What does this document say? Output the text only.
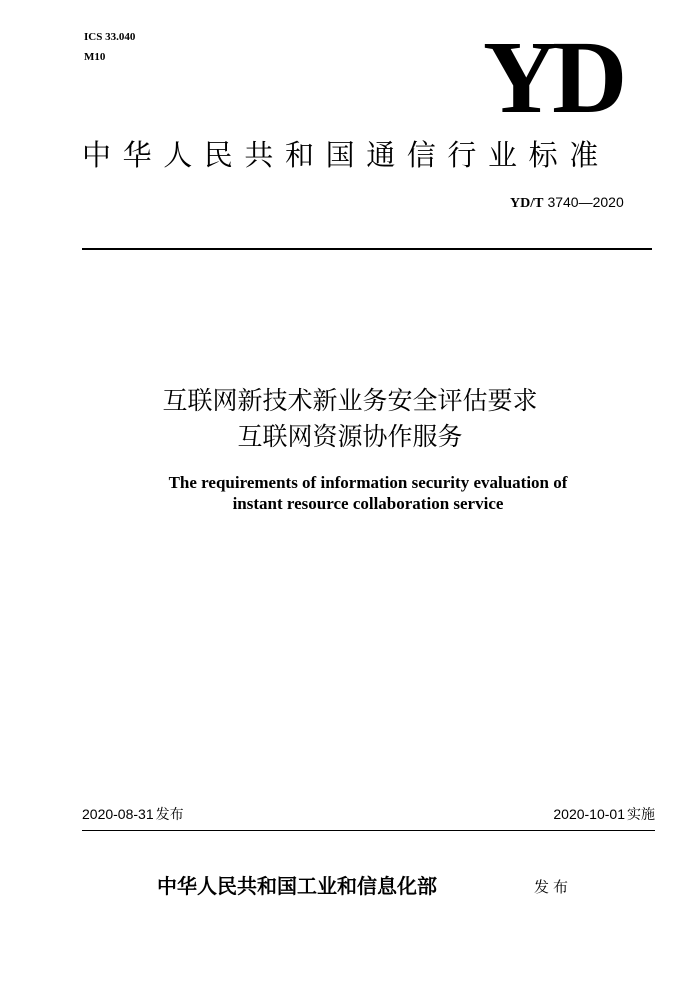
ICS 33.040
M10	YD
中华人民共和国通信行业标准
YD/T 3740—2020
互联网新技术新业务安全评估要求
互联网资源协作服务
The requirements of information security evaluation of
instant resource collaboration service
2020-08-31 发布	2020-10-01 实施
中华人民共和国工业和信息化部	发布
